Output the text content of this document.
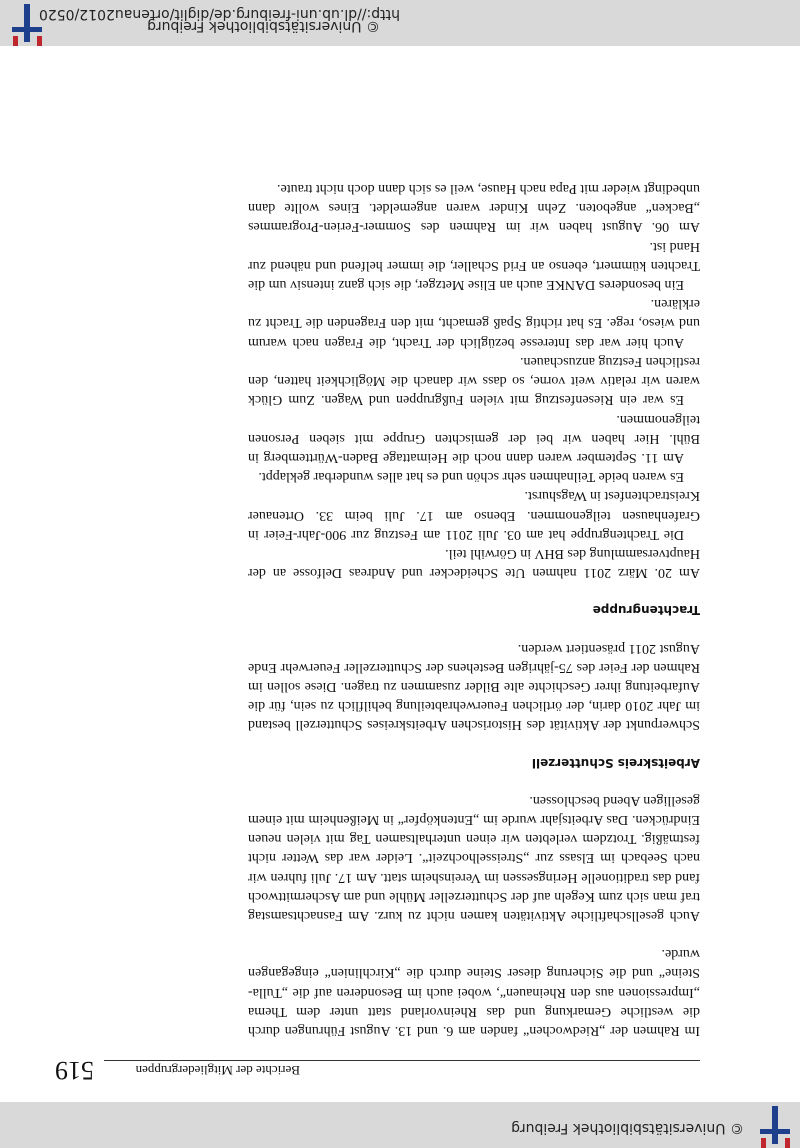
© Universitätsbibliothek Freiburg
519	Berichte der Mitgliedergruppen

Im Rahmen der „Riedwochen“ fanden am 6. und 13. August Führungen durch die westliche Gemarkung und das Rheinvorland statt unter dem Thema „Impressionen aus den Rheinauen“, wobei auch im Besonderen auf die „Tulla-Steine“ und die Sicherung dieser Steine durch die „Kirchlinien“ eingegangen wurde.

Auch gesellschaftliche Aktivitäten kamen nicht zu kurz. Am Fasnachtsamstag traf man sich zum Kegeln auf der Schutterzeller Mühle und am Aschermittwoch fand das traditionelle Heringsessen im Vereinsheim statt. Am 17. Juli fuhren wir nach Seebach im Elsass zur „Streisselhochzeit“. Leider war das Wetter nicht festmäßig. Trotzdem verlebten wir einen unterhaltsamen Tag mit vielen neuen Eindrücken. Das Arbeitsjahr wurde im „Entenköpfer“ in Meißenheim mit einem geselligen Abend beschlossen.

Arbeitskreis Schutterzell

Schwerpunkt der Aktivität des Historischen Arbeitskreises Schutterzell bestand im Jahr 2010 darin, der örtlichen Feuerwehrabteilung behilflich zu sein, für die Aufarbeitung ihrer Geschichte alte Bilder zusammen zu tragen. Diese sollen im Rahmen der Feier des 75-jährigen Bestehens der Schutterzeller Feuerwehr Ende August 2011 präsentiert werden.

Trachtengruppe

Am 20. März 2011 nahmen Ute Scheidecker und Andreas Delfosse an der Hauptversammlung des BHV in Görwihl teil.

Die Trachtengruppe hat am 03. Juli 2011 am Festzug zur 900-Jahr-Feier in Grafenhausen teilgenommen. Ebenso am 17. Juli beim 33. Ortenauer Kreistrachtenfest in Wagshurst.

Es waren beide Teilnahmen sehr schön und es hat alles wunderbar geklappt.

Am 11. September waren dann noch die Heimattage Baden-Württemberg in Bühl. Hier haben wir bei der gemischten Gruppe mit sieben Personen teilgenommen.

Es war ein Riesenfestzug mit vielen Fußgruppen und Wagen. Zum Glück waren wir relativ weit vorne, so dass wir danach die Möglichkeit hatten, den restlichen Festzug anzuschauen.

Auch hier war das Interesse bezüglich der Tracht, die Fragen nach warum und wieso, rege. Es hat richtig Spaß gemacht, mit den Fragenden die Tracht zu erklären.

Ein besonderes DANKE auch an Elise Metzger, die sich ganz intensiv um die Trachten kümmert, ebenso an Frid Schaller, die immer helfend und nähend zur Hand ist.

Am 06. August haben wir im Rahmen des Sommer-Ferien-Programmes „Backen“ angeboten. Zehn Kinder waren angemeldet. Eines wollte dann unbedingt wieder mit Papa nach Hause, weil es sich dann doch nicht traute.

© Universitätsbibliothek Freiburg
http://dl.ub.uni-freiburg.de/diglit/ortenau2012/0520
